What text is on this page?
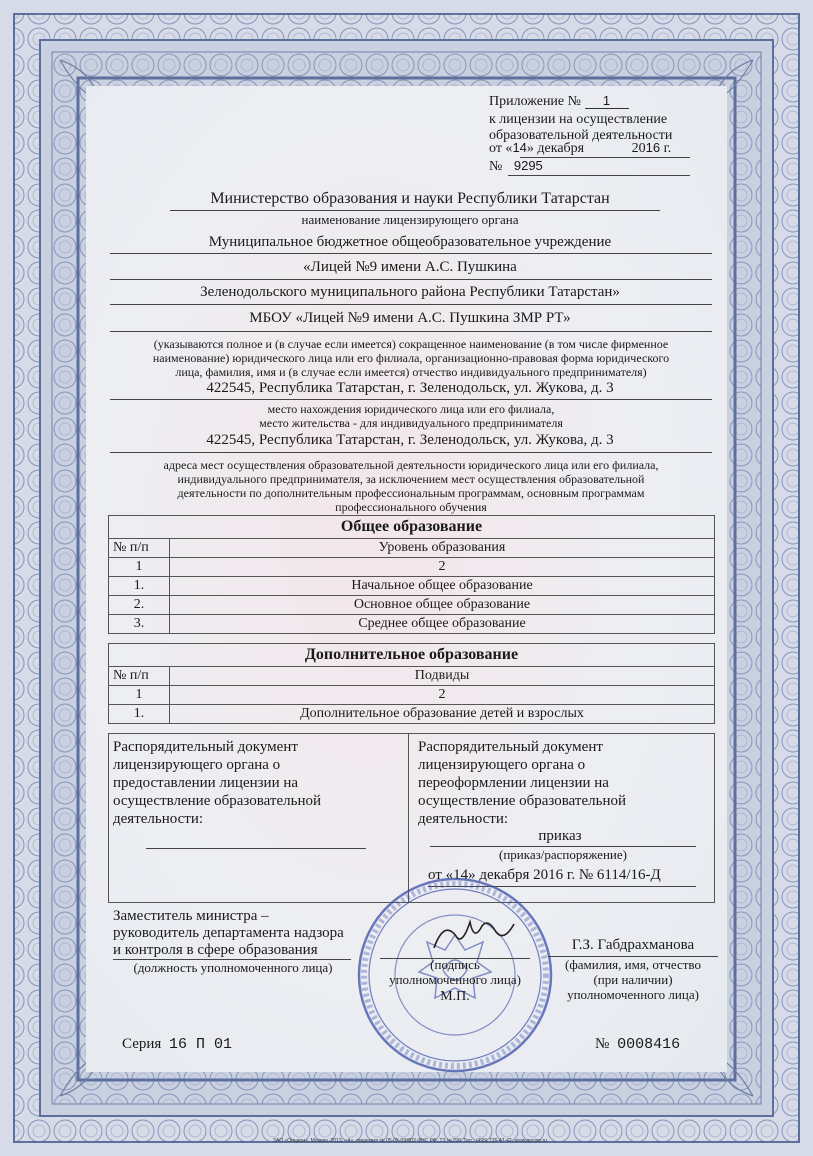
Приложение № 1
к лицензии на осуществление
образовательной деятельности
от «14» декабря	2016 г.
№ 9295
Министерство образования и науки Республики Татарстан
наименование лицензирующего органа
Муниципальное бюджетное общеобразовательное учреждение
«Лицей №9 имени А.С. Пушкина
Зеленодольского муниципального района Республики Татарстан»
МБОУ «Лицей №9 имени А.С. Пушкина ЗМР РТ»
(указываются полное и (в случае если имеется) сокращенное наименование (в том числе фирменное
наименование) юридического лица или его филиала, организационно-правовая форма юридического
лица, фамилия, имя и (в случае если имеется) отчество индивидуального предпринимателя)
422545, Республика Татарстан, г. Зеленодольск, ул. Жукова, д. 3
место нахождения юридического лица или его филиала,
место жительства - для индивидуального предпринимателя
422545, Республика Татарстан, г. Зеленодольск, ул. Жукова, д. 3
адреса мест осуществления образовательной деятельности юридического лица или его филиала,
индивидуального предпринимателя, за исключением мест осуществления образовательной
деятельности по дополнительным профессиональным программам, основным программам
профессионального обучения
Общее образование	
№ п/п	Уровень образования
1	2
1.	Начальное общее образование
2.	Основное общее образование
3.	Среднее общее образование
Дополнительное образование	
№ п/п	Подвиды
1	2
1.	Дополнительное образование детей и взрослых
Распорядительный документ
лицензирующего органа о
предоставлении лицензии на
осуществление образовательной
деятельности:
Распорядительный документ
лицензирующего органа о
переоформлении лицензии на
осуществление образовательной
деятельности:
приказ
(приказ/распоряжение)
от «14» декабря 2016 г. № 6114/16-Д
Заместитель министра –
руководитель департамента надзора
и контроля в сфере образования
(должность уполномоченного лица)	(подпись
уполномоченного лица)
М.П.
Г.З. Габдрахманова
(фамилия, имя, отчество
(при наличии)
уполномоченного лица)
Серия 16 П 01	№ 0008416
ЗАО «Опцион», Москва, 2013, «А», лицензия № 05-05-09/003 ФНС РФ, ТЗ №290. Тел.: (495) 726-47-42, www.opcion.ru
